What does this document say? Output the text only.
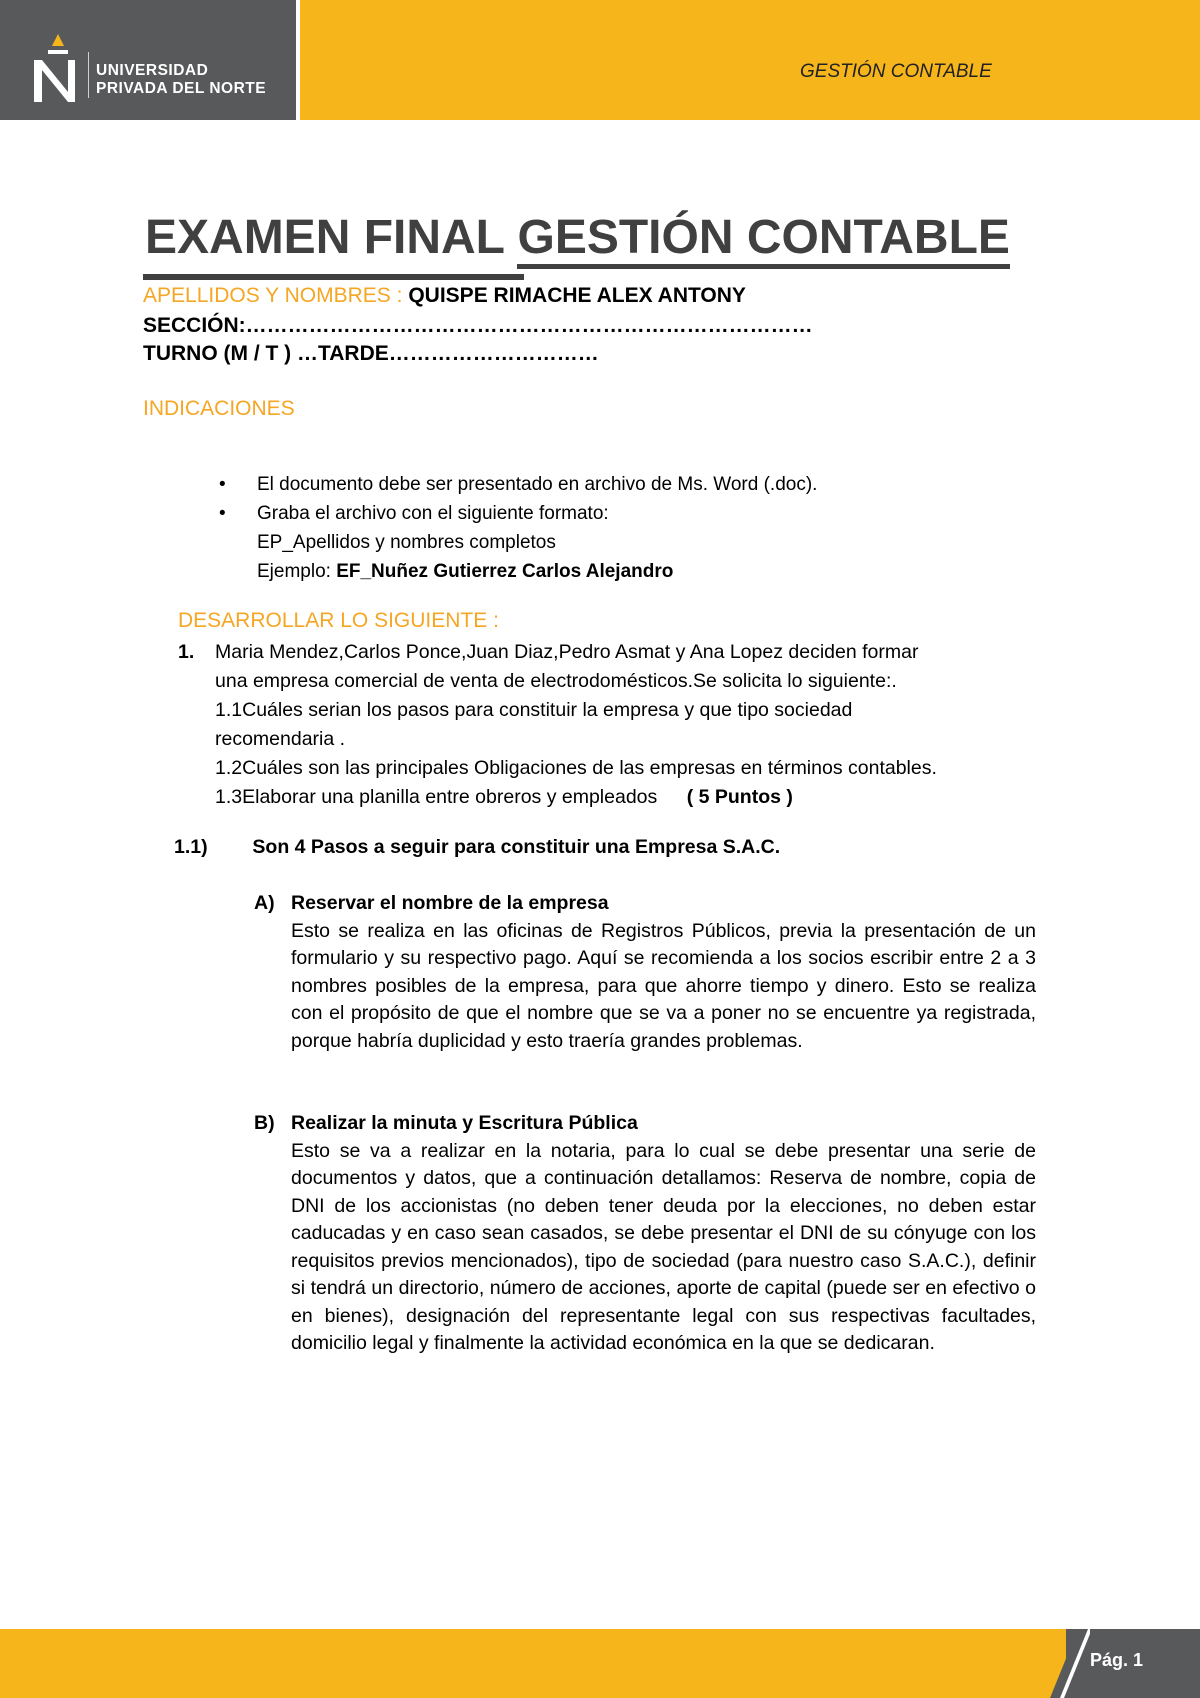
UNIVERSIDAD
PRIVADA DEL NORTE
GESTIÓN CONTABLE
EXAMEN FINAL GESTIÓN CONTABLE
APELLIDOS Y NOMBRES : QUISPE RIMACHE ALEX ANTONY
SECCIÓN:………………………………………………………………………
TURNO (M / T ) …TARDE…………………………
INDICACIONES
• El documento debe ser presentado en archivo de Ms. Word (.doc).
• Graba el archivo con el siguiente formato:
EP_Apellidos y nombres completos
Ejemplo: EF_Nuñez Gutierrez Carlos Alejandro
DESARROLLAR LO SIGUIENTE :
1. Maria Mendez,Carlos Ponce,Juan Diaz,Pedro Asmat y Ana Lopez deciden formar
una empresa comercial de venta de electrodomésticos.Se solicita lo siguiente:.
1.1Cuáles serian los pasos para constituir la empresa y que tipo sociedad
recomendaria .
1.2Cuáles son las principales Obligaciones de las empresas en términos contables.
1.3Elaborar una planilla entre obreros y empleados ( 5 Puntos )
1.1) Son 4 Pasos a seguir para constituir una Empresa S.A.C.
A) Reservar el nombre de la empresa

Esto se realiza en las oficinas de Registros Públicos, previa la presentación de un formulario y su respectivo pago. Aquí se recomienda a los socios escribir entre 2 a 3 nombres posibles de la empresa, para que ahorre tiempo y dinero. Esto se realiza con el propósito de que el nombre que se va a poner no se encuentre ya registrada, porque habría duplicidad y esto traería grandes problemas.

B) Realizar la minuta y Escritura Pública

Esto se va a realizar en la notaria, para lo cual se debe presentar una serie de documentos y datos, que a continuación detallamos: Reserva de nombre, copia de DNI de los accionistas (no deben tener deuda por la elecciones, no deben estar caducadas y en caso sean casados, se debe presentar el DNI de su cónyuge con los requisitos previos mencionados), tipo de sociedad (para nuestro caso S.A.C.), definir si tendrá un directorio, número de acciones, aporte de capital (puede ser en efectivo o en bienes), designación del representante legal con sus respectivas facultades, domicilio legal y finalmente la actividad económica en la que se dedicaran.

Pág. 1
